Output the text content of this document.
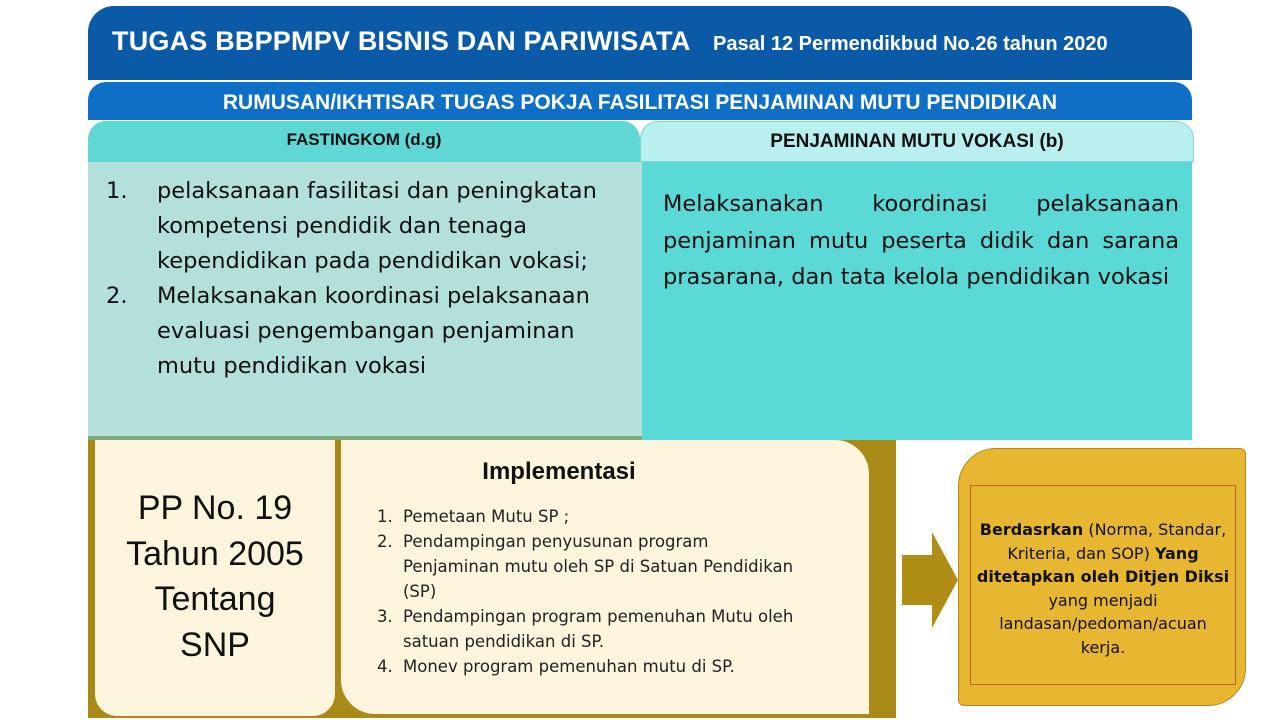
TUGAS BBPPMPV BISNIS DAN PARIWISATA Pasal 12 Permendikbud No.26 tahun 2020
RUMUSAN/IKHTISAR TUGAS POKJA FASILITASI PENJAMINAN MUTU PENDIDIKAN
FASTINGKOM (d.g)	PENJAMINAN MUTU VOKASI (b)
1. pelaksanaan fasilitasi dan peningkatan kompetensi pendidik dan tenaga kependidikan pada pendidikan vokasi;
2. Melaksanakan koordinasi pelaksanaan evaluasi pengembangan penjaminan mutu pendidikan vokasi

Melaksanakan koordinasi pelaksanaan penjaminan mutu peserta didik dan sarana prasarana, dan tata kelola pendidikan vokasi

PP No. 19
Tahun 2005
Tentang
SNP
Implementasi
1. Pemetaan Mutu SP ;
2. Pendampingan penyusunan program Penjaminan mutu oleh SP di Satuan Pendidikan (SP)
3. Pendampingan program pemenuhan Mutu oleh satuan pendidikan di SP.
4. Monev program pemenuhan mutu di SP.
Berdasrkan (Norma, Standar, Kriteria, dan SOP) Yang ditetapkan oleh Ditjen Diksi yang menjadi landasan/pedoman/acuan kerja.
